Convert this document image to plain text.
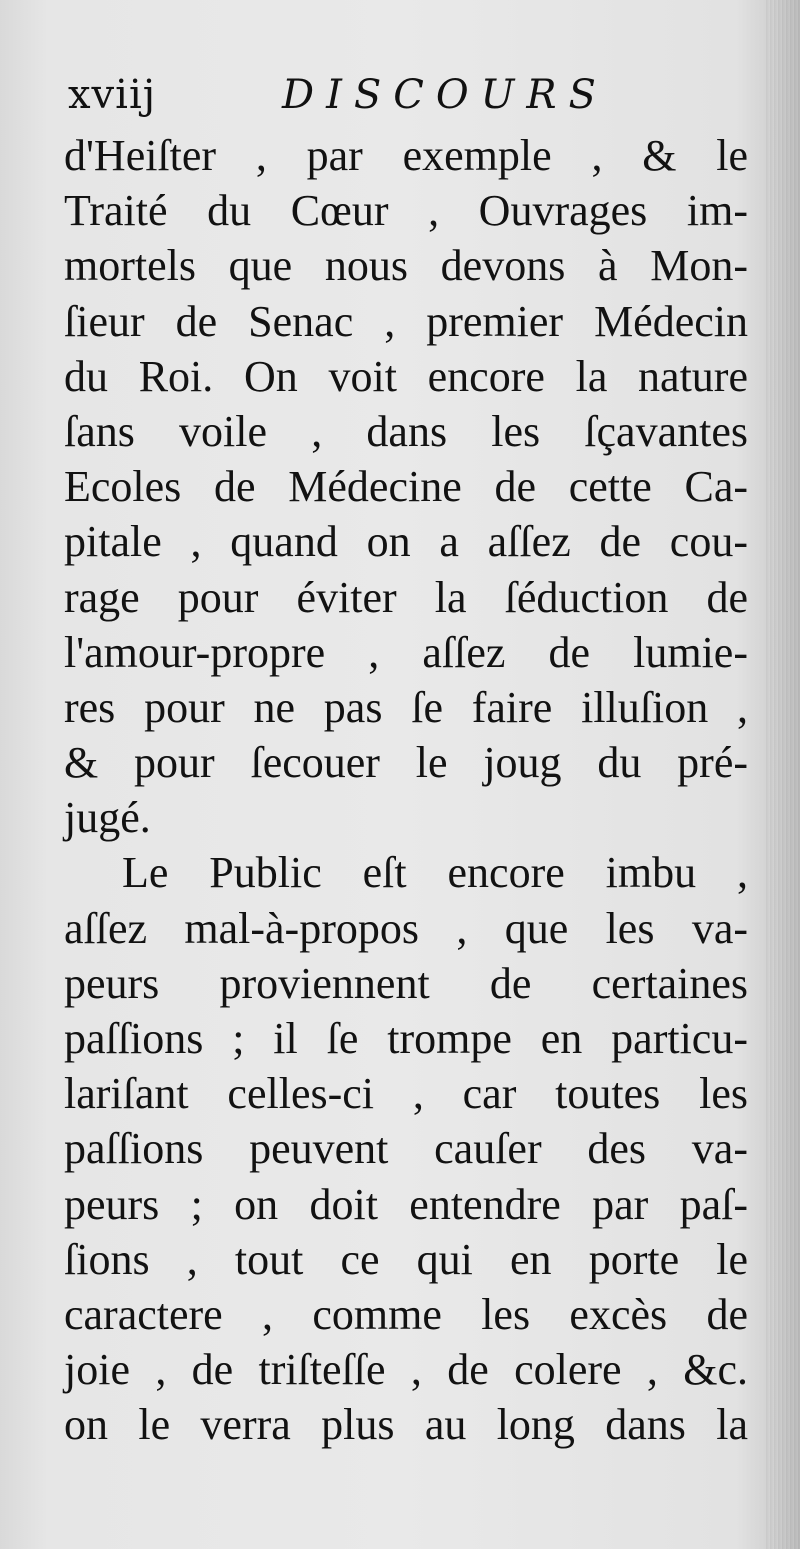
xviij	DISCOURS
d'Heiſter , par exemple , & le
Traité du Cœur , Ouvrages im-
mortels que nous devons à Mon-
ſieur de Senac , premier Médecin
du Roi. On voit encore la nature
ſans voile , dans les ſçavantes
Ecoles de Médecine de cette Ca-
pitale , quand on a aſſez de cou-
rage pour éviter la ſéduction de
l'amour-propre , aſſez de lumie-
res pour ne pas ſe faire illuſion ,
& pour ſecouer le joug du pré-
jugé.
Le Public eſt encore imbu ,
aſſez mal-à-propos , que les va-
peurs proviennent de certaines
paſſions ; il ſe trompe en particu-
lariſant celles-ci , car toutes les
paſſions peuvent cauſer des va-
peurs ; on doit entendre par paſ-
ſions , tout ce qui en porte le
caractere , comme les excès de
joie , de triſteſſe , de colere , &c.
on le verra plus au long dans la
